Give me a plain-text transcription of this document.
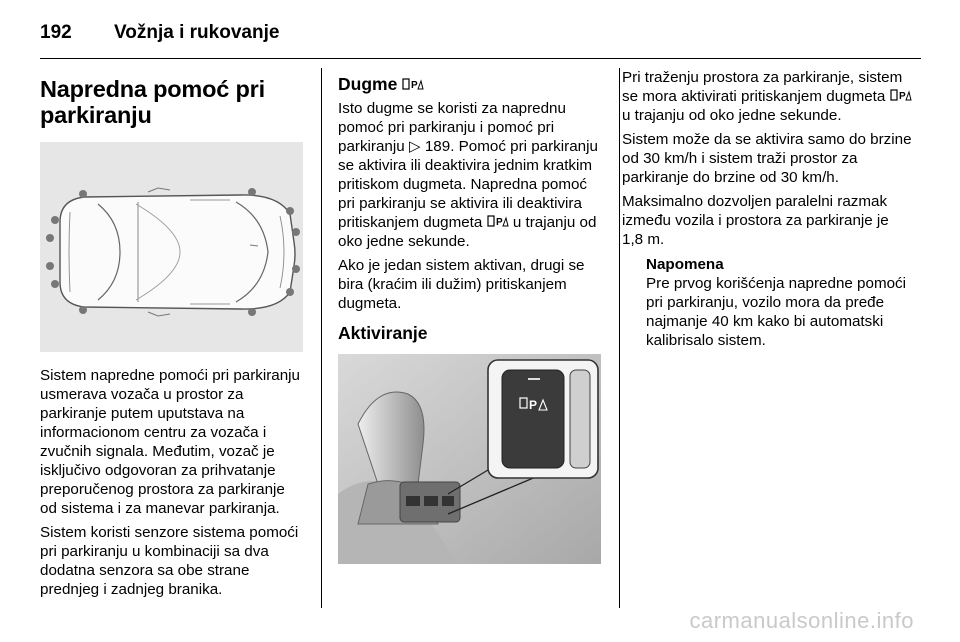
192 Vožnja i rukovanje
Napredna pomoć pri parkiranju

Sistem napredne pomoći pri parkiranju usmerava vozača u prostor za parkiranje putem uputstava na informacionom centru za vozača i zvučnih signala. Međutim, vozač je isključivo odgovoran za prihvatanje preporučenog prostora za parkiranje od sistema i za manevar parkiranja.

Sistem koristi senzore sistema pomoći pri parkiranju u kombinaciji sa dva dodatna senzora sa obe strane prednjeg i zadnjeg branika.

Dugme P

Isto dugme se koristi za naprednu pomoć pri parkiranju i pomoć pri parkiranju ▷ 189. Pomoć pri parkiranju se aktivira ili deaktivira jednim kratkim pritiskom dugmeta. Napredna pomoć pri parkiranju se aktivira ili deaktivira pritiskanjem dugmeta P u trajanju od oko jedne sekunde.

Ako je jedan sistem aktivan, drugi se bira (kraćim ili dužim) pritiskanjem dugmeta.

Aktiviranje
P

Pri traženju prostora za parkiranje, sistem se mora aktivirati pritiskanjem dugmeta P
u trajanju od oko jedne sekunde.

Sistem može da se aktivira samo do brzine od 30 km/h i sistem traži prostor za parkiranje do brzine od 30 km/h.

Maksimalno dozvoljen paralelni razmak između vozila i prostora za parkiranje je 1,8 m.

Napomena
Pre prvog korišćenja napredne pomoći pri parkiranju, vozilo mora da pređe najmanje 40 km kako bi automatski kalibrisalo sistem.
carmanualsonline.info
